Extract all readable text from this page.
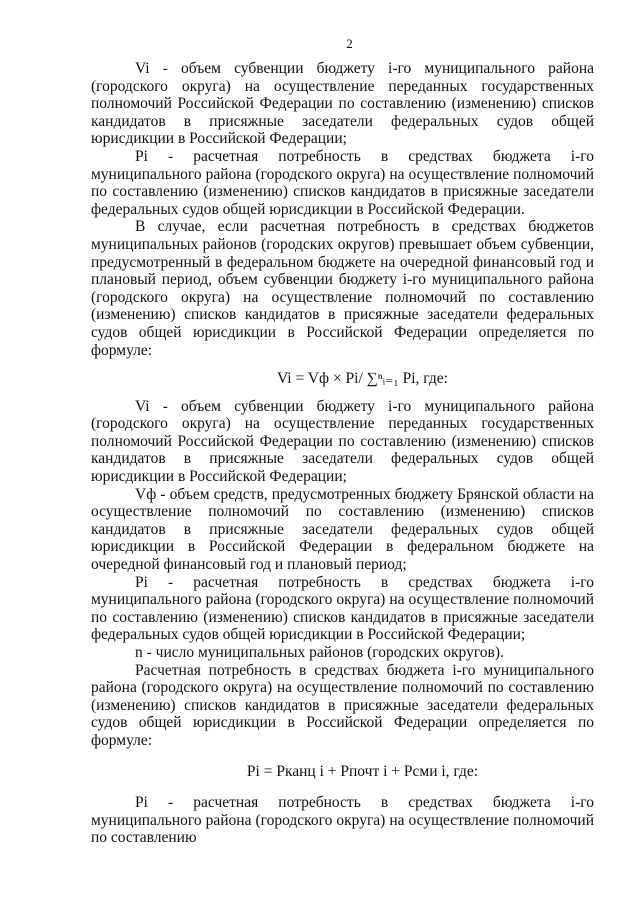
2

Vi - объем субвенции бюджету i-го муниципального района (городского округа) на осуществление переданных государственных полномочий Российской Федерации по составлению (изменению) списков кандидатов в присяжные заседатели федеральных судов общей юрисдикции в Российской Федерации;

Pi - расчетная потребность в средствах бюджета i-го муниципального района (городского округа) на осуществление полномочий по составлению (изменению) списков кандидатов в присяжные заседатели федеральных судов общей юрисдикции в Российской Федерации.

В случае, если расчетная потребность в средствах бюджетов муниципальных районов (городских округов) превышает объем субвенции, предусмотренный в федеральном бюджете на очередной финансовый год и плановый период, объем субвенции бюджету i-го муниципального района (городского округа) на осуществление полномочий по составлению (изменению) списков кандидатов в присяжные заседатели федеральных судов общей юрисдикции в Российской Федерации определяется по формуле:

Vi = Vф × Pi/ ∑ⁿᵢ₌₁ Pi, где:

Vi - объем субвенции бюджету i-го муниципального района (городского округа) на осуществление переданных государственных полномочий Российской Федерации по составлению (изменению) списков кандидатов в присяжные заседатели федеральных судов общей юрисдикции в Российской Федерации;

Vф - объем средств, предусмотренных бюджету Брянской области на осуществление полномочий по составлению (изменению) списков кандидатов в присяжные заседатели федеральных судов общей юрисдикции в Российской Федерации в федеральном бюджете на очередной финансовый год и плановый период;

Pi - расчетная потребность в средствах бюджета i-го муниципального района (городского округа) на осуществление полномочий по составлению (изменению) списков кандидатов в присяжные заседатели федеральных судов общей юрисдикции в Российской Федерации;

n - число муниципальных районов (городских округов).

Расчетная потребность в средствах бюджета i-го муниципального района (городского округа) на осуществление полномочий по составлению (изменению) списков кандидатов в присяжные заседатели федеральных судов общей юрисдикции в Российской Федерации определяется по формуле:

Pi = Pканц i + Pпочт i + Pсми i, где:

Pi - расчетная потребность в средствах бюджета i-го муниципального района (городского округа) на осуществление полномочий по составлению
